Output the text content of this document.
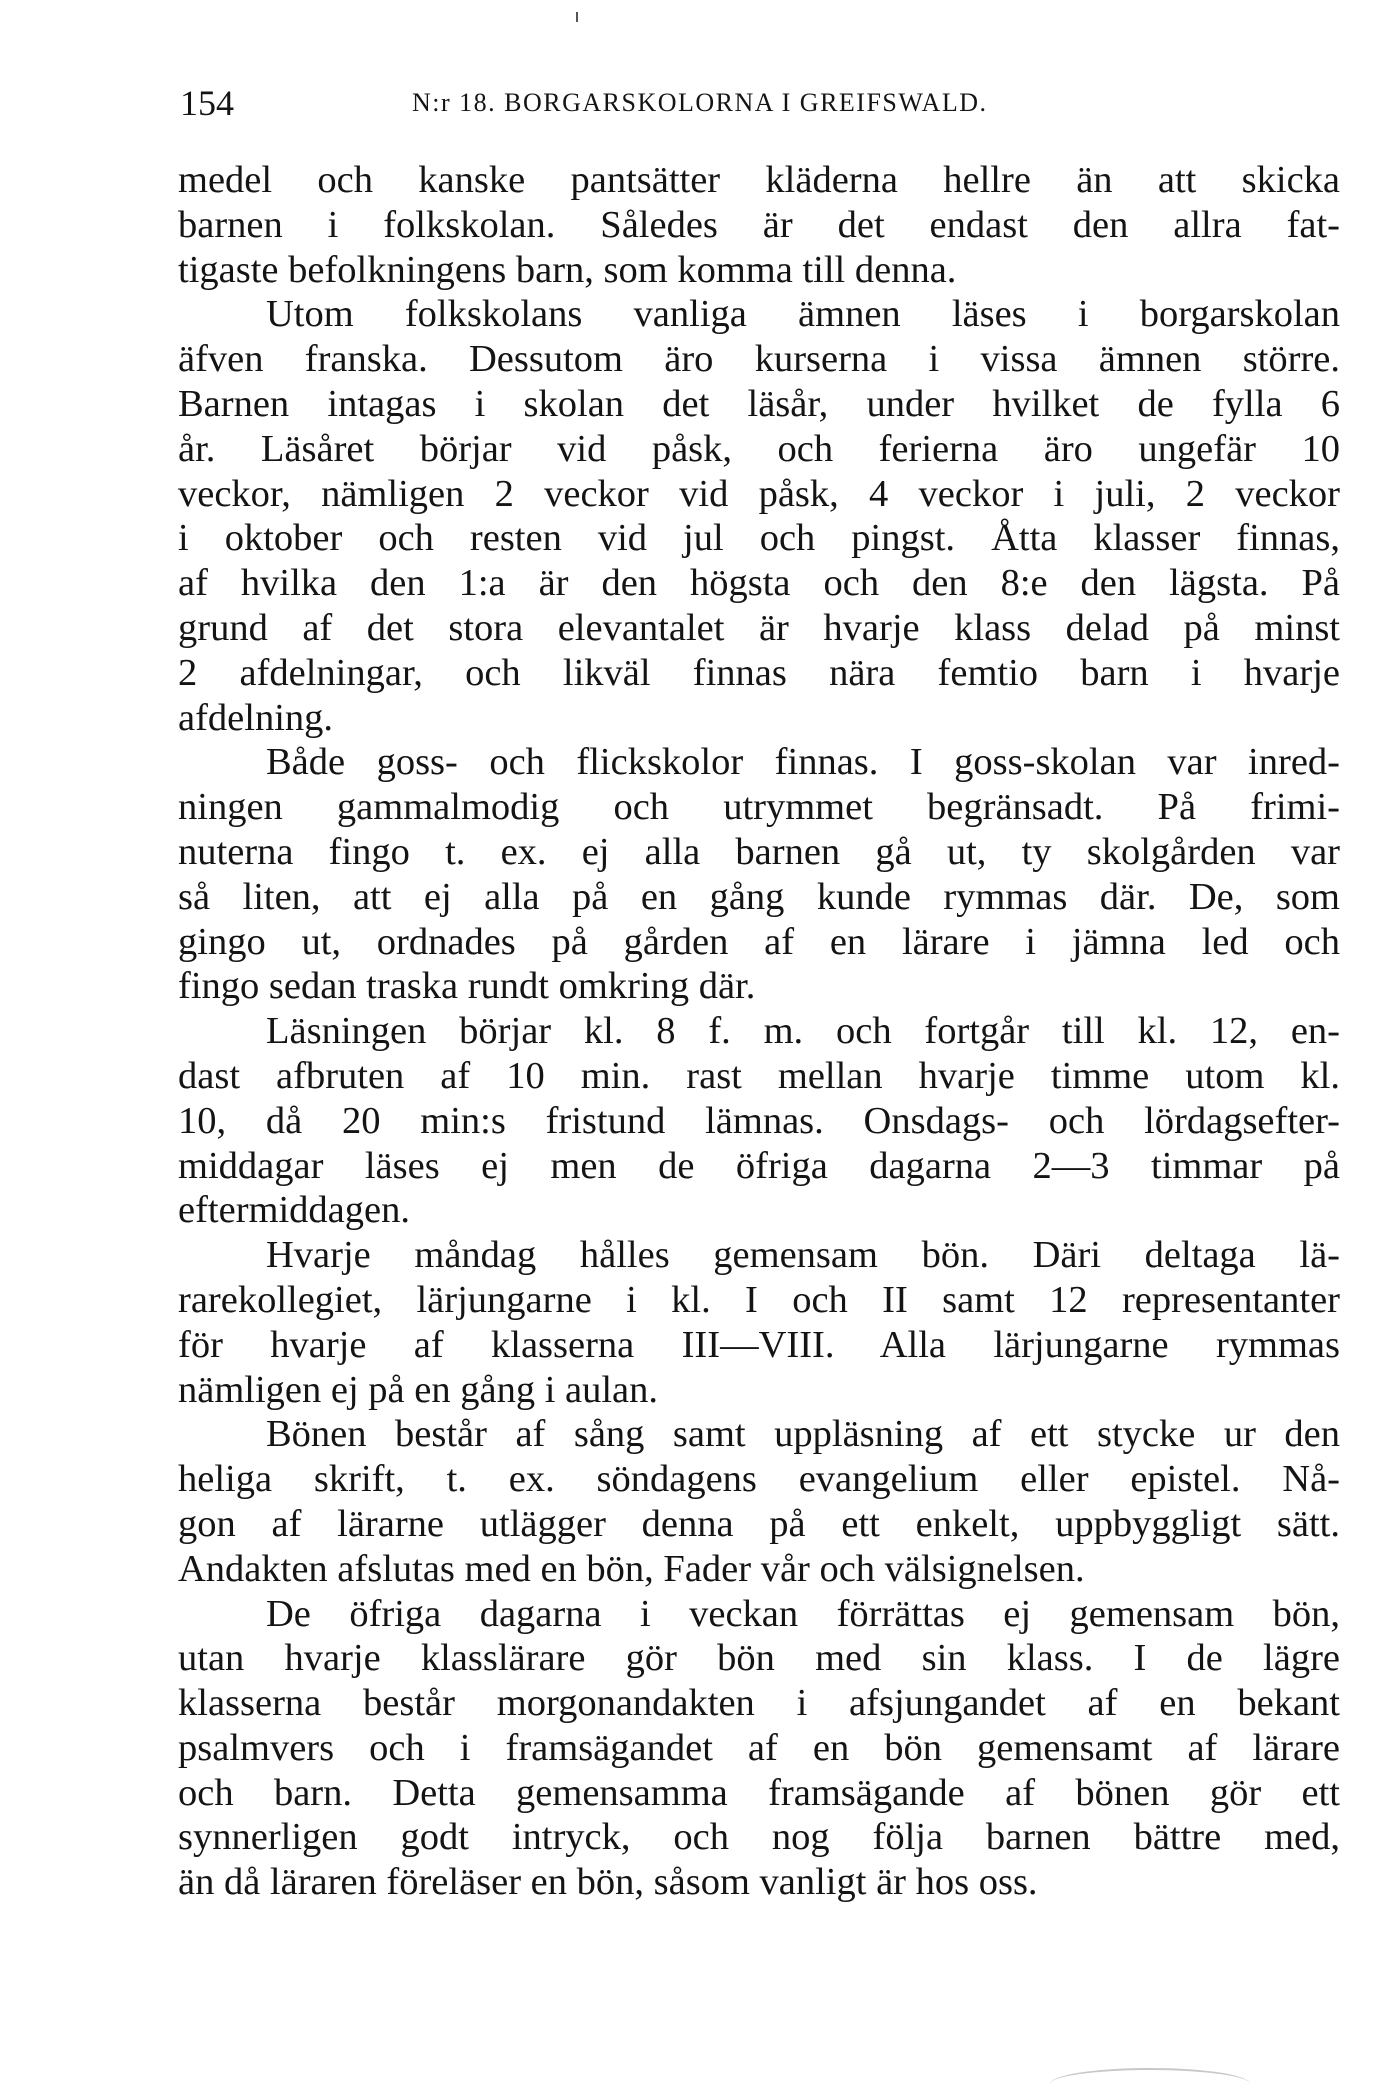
154	N:r 18. BORGARSKOLORNA I GREIFSWALD.
medel och kanske pantsätter kläderna hellre än att skicka
barnen i folkskolan. Således är det endast den allra fat-
tigaste befolkningens barn, som komma till denna.
Utom folkskolans vanliga ämnen läses i borgarskolan
äfven franska. Dessutom äro kurserna i vissa ämnen större.
Barnen intagas i skolan det läsår, under hvilket de fylla 6
år. Läsåret börjar vid påsk, och ferierna äro ungefär 10
veckor, nämligen 2 veckor vid påsk, 4 veckor i juli, 2 veckor
i oktober och resten vid jul och pingst. Åtta klasser finnas,
af hvilka den 1:a är den högsta och den 8:e den lägsta. På
grund af det stora elevantalet är hvarje klass delad på minst
2 afdelningar, och likväl finnas nära femtio barn i hvarje
afdelning.
Både goss- och flickskolor finnas. I goss-skolan var inred-
ningen gammalmodig och utrymmet begränsadt. På frimi-
nuterna fingo t. ex. ej alla barnen gå ut, ty skolgården var
så liten, att ej alla på en gång kunde rymmas där. De, som
gingo ut, ordnades på gården af en lärare i jämna led och
fingo sedan traska rundt omkring där.
Läsningen börjar kl. 8 f. m. och fortgår till kl. 12, en-
dast afbruten af 10 min. rast mellan hvarje timme utom kl.
10, då 20 min:s fristund lämnas. Onsdags- och lördagsefter-
middagar läses ej men de öfriga dagarna 2—3 timmar på
eftermiddagen.
Hvarje måndag hålles gemensam bön. Däri deltaga lä-
rarekollegiet, lärjungarne i kl. I och II samt 12 representanter
för hvarje af klasserna III—VIII. Alla lärjungarne rymmas
nämligen ej på en gång i aulan.
Bönen består af sång samt uppläsning af ett stycke ur den
heliga skrift, t. ex. söndagens evangelium eller epistel. Nå-
gon af lärarne utlägger denna på ett enkelt, uppbyggligt sätt.
Andakten afslutas med en bön, Fader vår och välsignelsen.
De öfriga dagarna i veckan förrättas ej gemensam bön,
utan hvarje klasslärare gör bön med sin klass. I de lägre
klasserna består morgonandakten i afsjungandet af en bekant
psalmvers och i framsägandet af en bön gemensamt af lärare
och barn. Detta gemensamma framsägande af bönen gör ett
synnerligen godt intryck, och nog följa barnen bättre med,
än då läraren föreläser en bön, såsom vanligt är hos oss.
